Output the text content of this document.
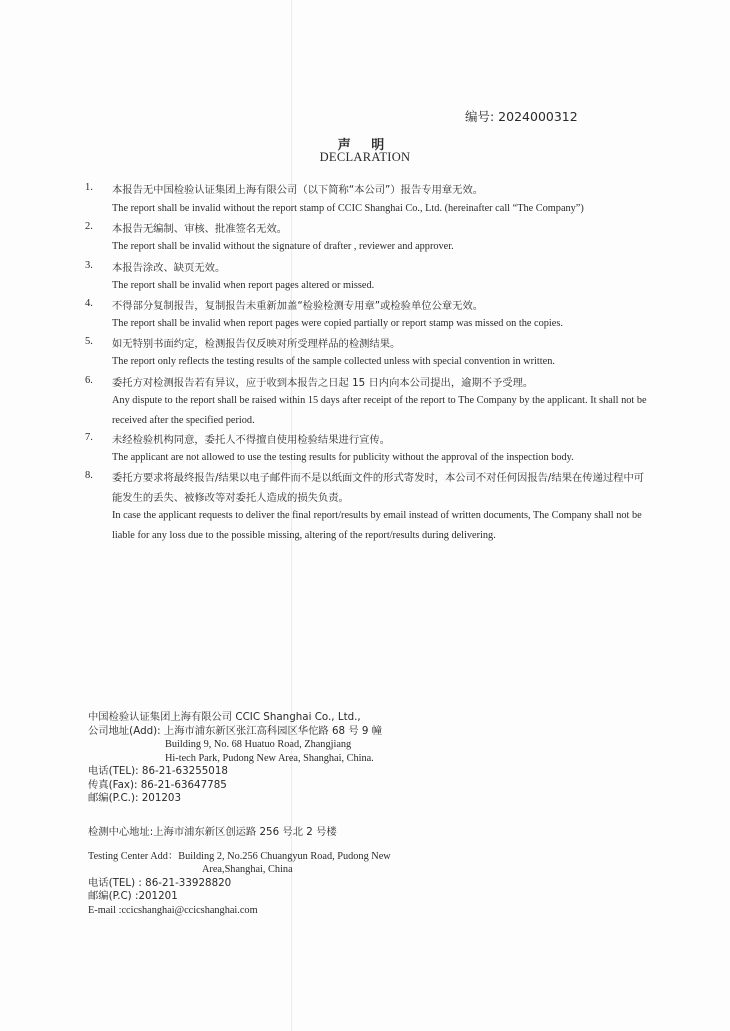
编号: 2024000312
声 明
DECLARATION
1. 本报告无中国检验认证集团上海有限公司（以下简称“本公司”）报告专用章无效。
The report shall be invalid without the report stamp of CCIC Shanghai Co., Ltd. (hereinafter call “The Company”)
2. 本报告无编制、审核、批准签名无效。
The report shall be invalid without the signature of drafter , reviewer and approver.
3. 本报告涂改、缺页无效。
The report shall be invalid when report pages altered or missed.
4. 不得部分复制报告，复制报告未重新加盖“检验检测专用章”或检验单位公章无效。
The report shall be invalid when report pages were copied partially or report stamp was missed on the copies.
5. 如无特别书面约定，检测报告仅反映对所受理样品的检测结果。
The report only reflects the testing results of the sample collected unless with special convention in written.
6. 委托方对检测报告若有异议，应于收到本报告之日起 15 日内向本公司提出，逾期不予受理。
Any dispute to the report shall be raised within 15 days after receipt of the report to The Company by the applicant. It shall not be received after the specified period.
7. 未经检验机构同意，委托人不得擅自使用检验结果进行宣传。
The applicant are not allowed to use the testing results for publicity without the approval of the inspection body.
8. 委托方要求将最终报告/结果以电子邮件而不是以纸面文件的形式寄发时，本公司不对任何因报告/结果在传递过程中可能发生的丢失、被修改等对委托人造成的损失负责。
In case the applicant requests to deliver the final report/results by email instead of written documents, The Company shall not be liable for any loss due to the possible missing, altering of the report/results during delivering.
中国检验认证集团上海有限公司 CCIC Shanghai Co., Ltd.,
公司地址(Add): 上海市浦东新区张江高科园区华佗路 68 号 9 幢
Building 9, No. 68 Huatuo Road, Zhangjiang
Hi-tech Park, Pudong New Area, Shanghai, China.
电话(TEL): 86-21-63255018
传真(Fax): 86-21-63647785
邮编(P.C.): 201203
检测中心地址:上海市浦东新区创运路 256 号北 2 号楼
Testing Center Add：Building 2, No.256 Chuangyun Road, Pudong New
Area,Shanghai, China
电话(TEL) : 86-21-33928820
邮编(P.C) :201201
E-mail :ccicshanghai@ccicshanghai.com
